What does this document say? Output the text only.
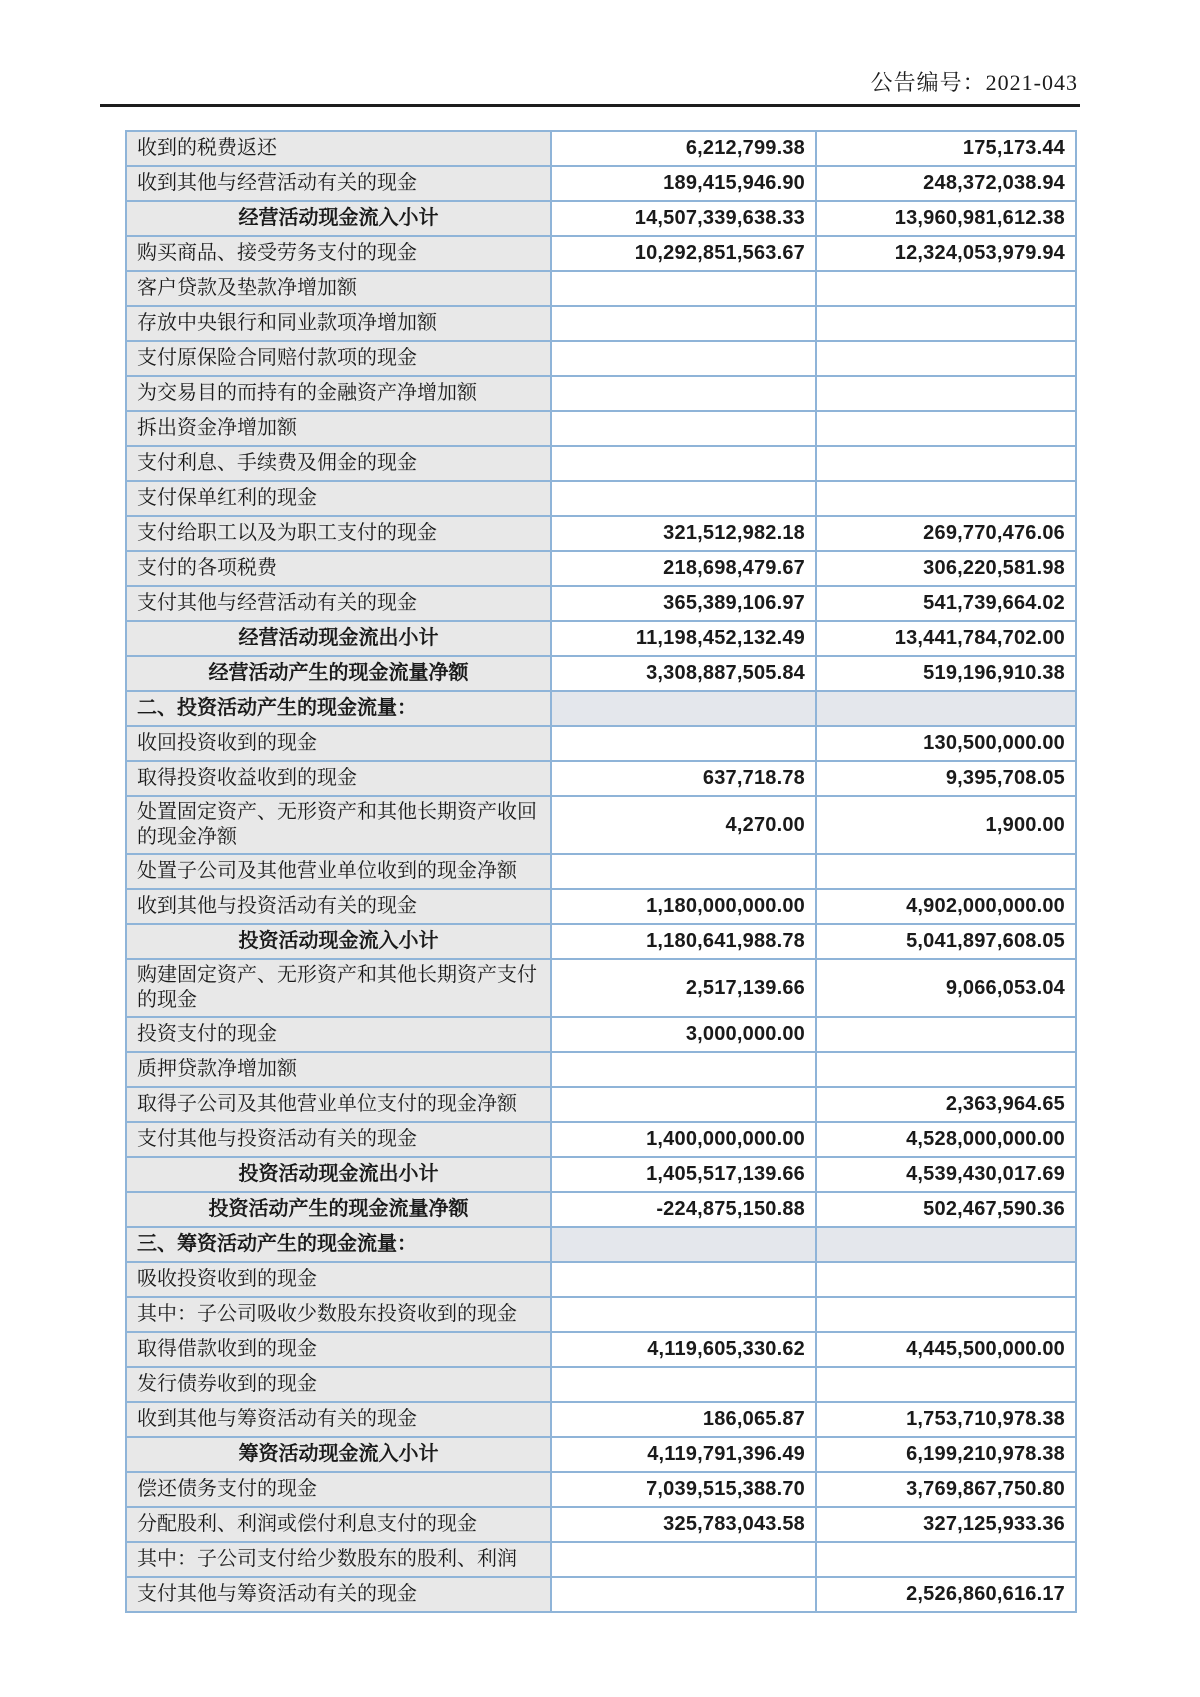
公告编号：2021-043
收到的税费返还	6,212,799.38	175,173.44
收到其他与经营活动有关的现金	189,415,946.90	248,372,038.94
经营活动现金流入小计	14,507,339,638.33	13,960,981,612.38
购买商品、接受劳务支付的现金	10,292,851,563.67	12,324,053,979.94
客户贷款及垫款净增加额		
存放中央银行和同业款项净增加额		
支付原保险合同赔付款项的现金		
为交易目的而持有的金融资产净增加额		
拆出资金净增加额		
支付利息、手续费及佣金的现金		
支付保单红利的现金		
支付给职工以及为职工支付的现金	321,512,982.18	269,770,476.06
支付的各项税费	218,698,479.67	306,220,581.98
支付其他与经营活动有关的现金	365,389,106.97	541,739,664.02
经营活动现金流出小计	11,198,452,132.49	13,441,784,702.00
经营活动产生的现金流量净额	3,308,887,505.84	519,196,910.38
二、投资活动产生的现金流量：		
收回投资收到的现金		130,500,000.00
取得投资收益收到的现金	637,718.78	9,395,708.05
处置固定资产、无形资产和其他长期资产收回的现金净额	4,270.00	1,900.00
处置子公司及其他营业单位收到的现金净额		
收到其他与投资活动有关的现金	1,180,000,000.00	4,902,000,000.00
投资活动现金流入小计	1,180,641,988.78	5,041,897,608.05
购建固定资产、无形资产和其他长期资产支付的现金	2,517,139.66	9,066,053.04
投资支付的现金	3,000,000.00	
质押贷款净增加额		
取得子公司及其他营业单位支付的现金净额		2,363,964.65
支付其他与投资活动有关的现金	1,400,000,000.00	4,528,000,000.00
投资活动现金流出小计	1,405,517,139.66	4,539,430,017.69
投资活动产生的现金流量净额	-224,875,150.88	502,467,590.36
三、筹资活动产生的现金流量：		
吸收投资收到的现金		
其中：子公司吸收少数股东投资收到的现金		
取得借款收到的现金	4,119,605,330.62	4,445,500,000.00
发行债券收到的现金		
收到其他与筹资活动有关的现金	186,065.87	1,753,710,978.38
筹资活动现金流入小计	4,119,791,396.49	6,199,210,978.38
偿还债务支付的现金	7,039,515,388.70	3,769,867,750.80
分配股利、利润或偿付利息支付的现金	325,783,043.58	327,125,933.36
其中：子公司支付给少数股东的股利、利润		
支付其他与筹资活动有关的现金		2,526,860,616.17
